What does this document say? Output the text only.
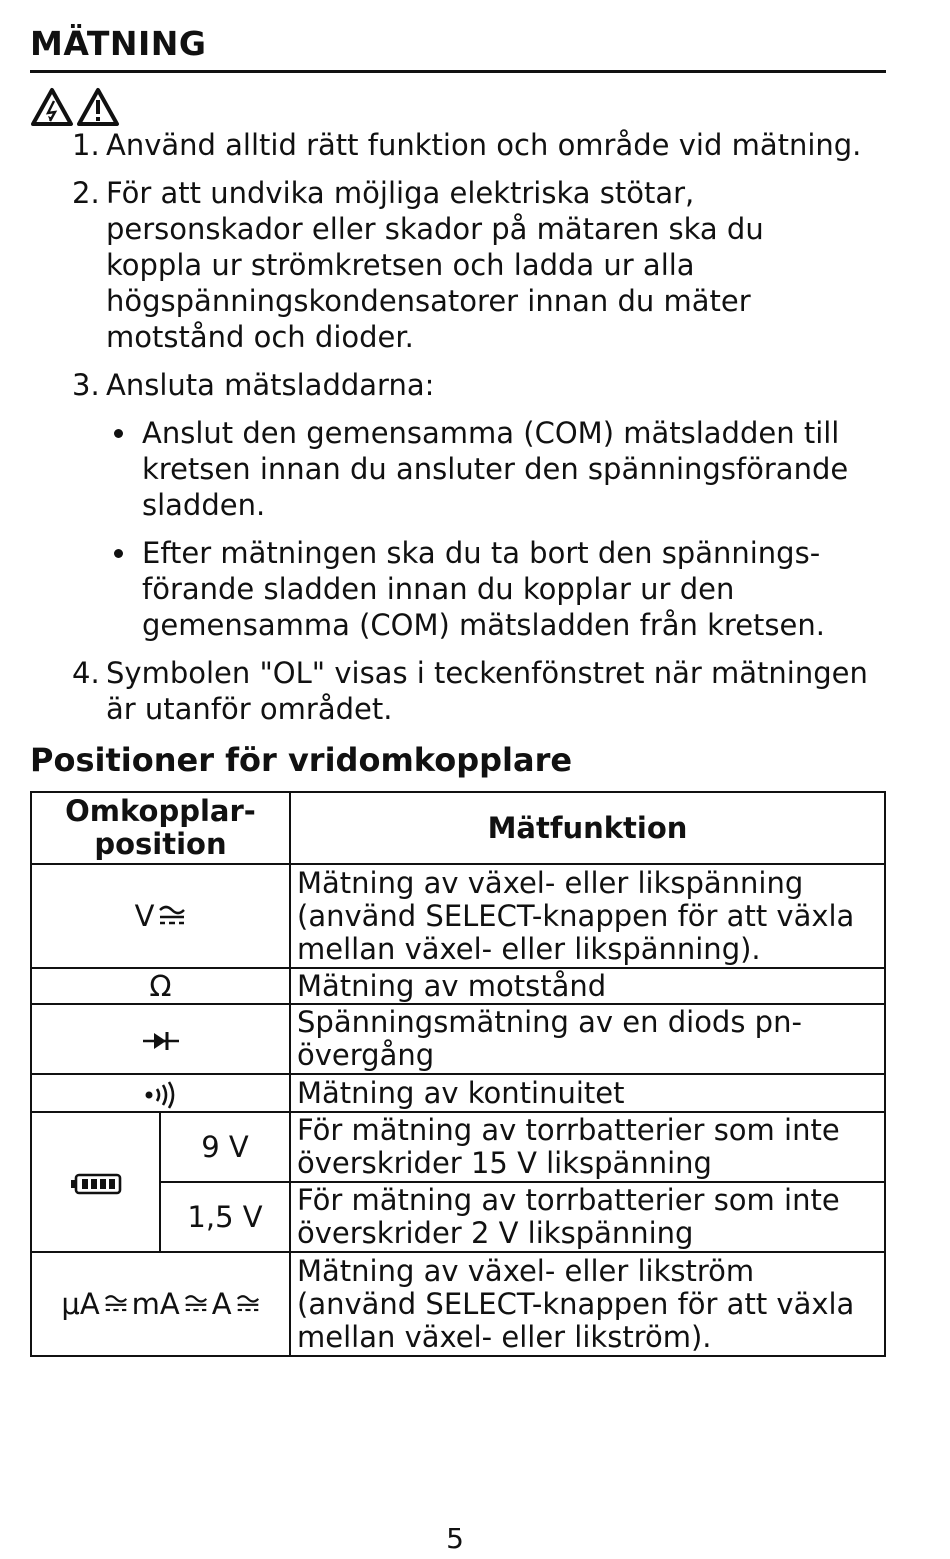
MÄTNING
1. Använd alltid rätt funktion och område vid mätning.
2. För att undvika möjliga elektriska stötar, personskador eller skador på mätaren ska du koppla ur strömkretsen och ladda ur alla högspänningskondensatorer innan du mäter motstånd och dioder.
3. Ansluta mätsladdarna:
Anslut den gemensamma (COM) mätsladden till kretsen innan du ansluter den spänningsförande sladden.
Efter mätningen ska du ta bort den spännings-förande sladden innan du kopplar ur den gemensamma (COM) mätsladden från kretsen.
4. Symbolen "OL" visas i teckenfönstret när mätningen är utanför området.
Positioner för vridomkopplare
Omkopplar-position		Mätfunktion

V		Mätning av växel- eller likspänning (använd SELECT-knappen för att växla mellan växel- eller likspänning).
Ω		Mätning av motstånd
	Spänningsmätning av en diods pn-övergång
	Mätning av kontinuitet
	9 V	För mätning av torrbatterier som inte överskrider 15 V likspänning
	1,5 V	För mätning av torrbatterier som inte överskrider 2 V likspänning

μA mA A		Mätning av växel- eller likström (använd SELECT-knappen för att växla mellan växel- eller likström).
5
